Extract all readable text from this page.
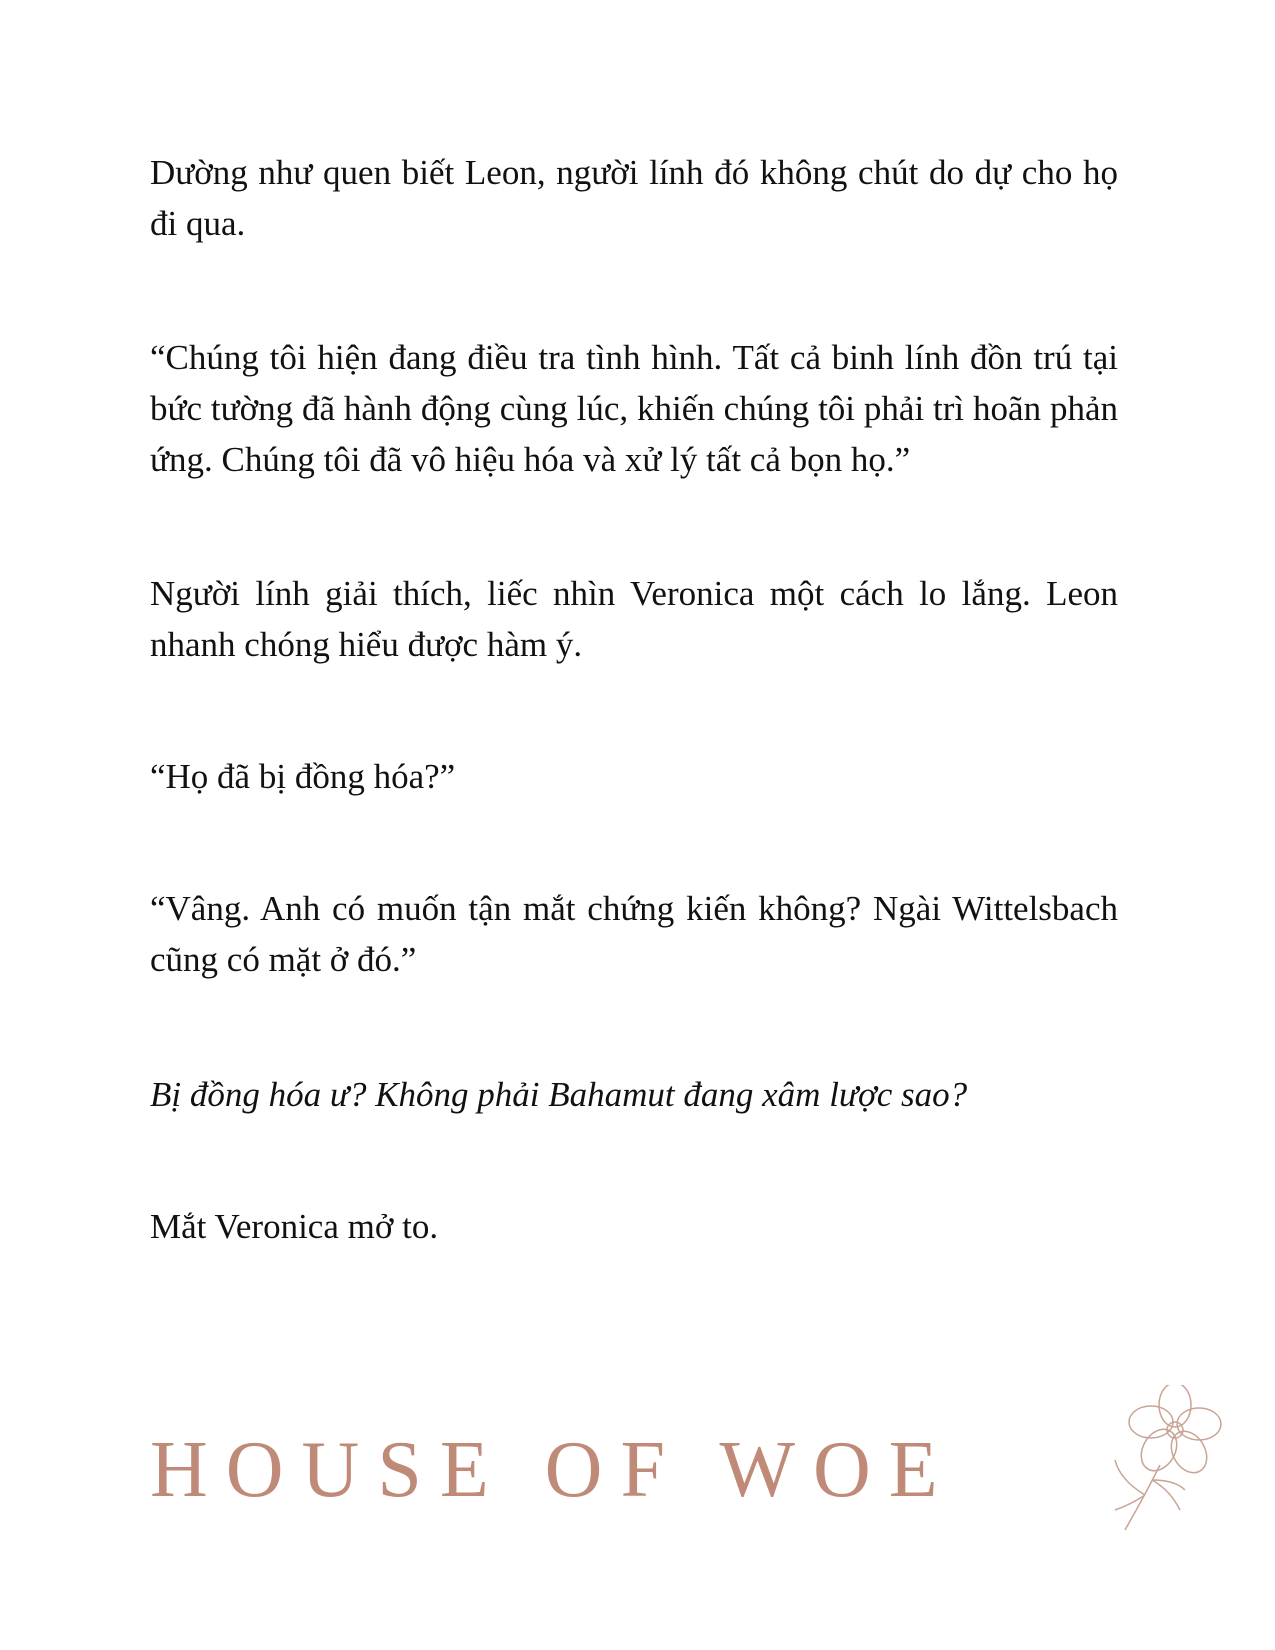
Dường như quen biết Leon, người lính đó không chút do dự cho họ đi qua.

“Chúng tôi hiện đang điều tra tình hình. Tất cả binh lính đồn trú tại bức tường đã hành động cùng lúc, khiến chúng tôi phải trì hoãn phản ứng. Chúng tôi đã vô hiệu hóa và xử lý tất cả bọn họ.”

Người lính giải thích, liếc nhìn Veronica một cách lo lắng. Leon nhanh chóng hiểu được hàm ý.

“Họ đã bị đồng hóa?”

“Vâng. Anh có muốn tận mắt chứng kiến không? Ngài Wittelsbach cũng có mặt ở đó.”

Bị đồng hóa ư? Không phải Bahamut đang xâm lược sao?

Mắt Veronica mở to.

HOUSE OF WOE
